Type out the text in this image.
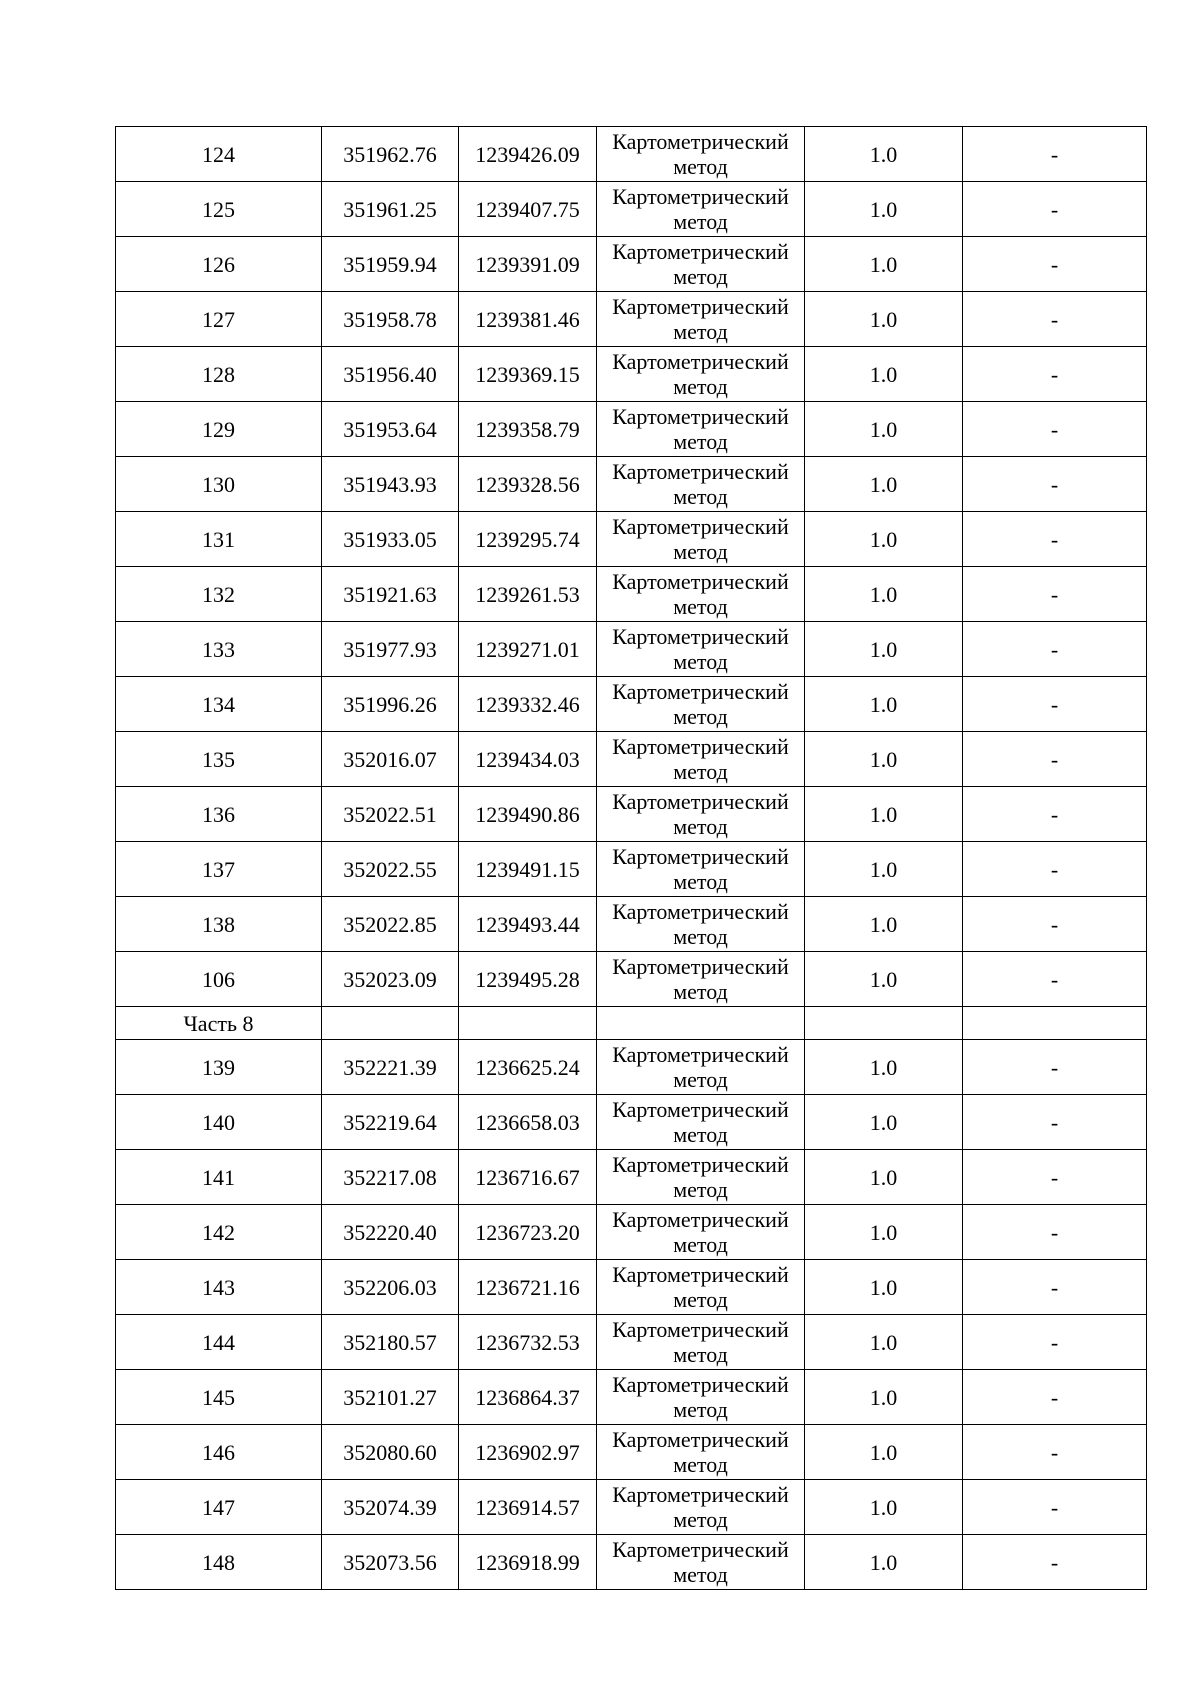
124	351962.76	1239426.09	Картометрический
метод	1.0	-
125	351961.25	1239407.75	Картометрический
метод	1.0	-
126	351959.94	1239391.09	Картометрический
метод	1.0	-
127	351958.78	1239381.46	Картометрический
метод	1.0	-
128	351956.40	1239369.15	Картометрический
метод	1.0	-
129	351953.64	1239358.79	Картометрический
метод	1.0	-
130	351943.93	1239328.56	Картометрический
метод	1.0	-
131	351933.05	1239295.74	Картометрический
метод	1.0	-
132	351921.63	1239261.53	Картометрический
метод	1.0	-
133	351977.93	1239271.01	Картометрический
метод	1.0	-
134	351996.26	1239332.46	Картометрический
метод	1.0	-
135	352016.07	1239434.03	Картометрический
метод	1.0	-
136	352022.51	1239490.86	Картометрический
метод	1.0	-
137	352022.55	1239491.15	Картометрический
метод	1.0	-
138	352022.85	1239493.44	Картометрический
метод	1.0	-
106	352023.09	1239495.28	Картометрический
метод	1.0	-
Часть 8					
139	352221.39	1236625.24	Картометрический
метод	1.0	-
140	352219.64	1236658.03	Картометрический
метод	1.0	-
141	352217.08	1236716.67	Картометрический
метод	1.0	-
142	352220.40	1236723.20	Картометрический
метод	1.0	-
143	352206.03	1236721.16	Картометрический
метод	1.0	-
144	352180.57	1236732.53	Картометрический
метод	1.0	-
145	352101.27	1236864.37	Картометрический
метод	1.0	-
146	352080.60	1236902.97	Картометрический
метод	1.0	-
147	352074.39	1236914.57	Картометрический
метод	1.0	-
148	352073.56	1236918.99	Картометрический
метод	1.0	-
